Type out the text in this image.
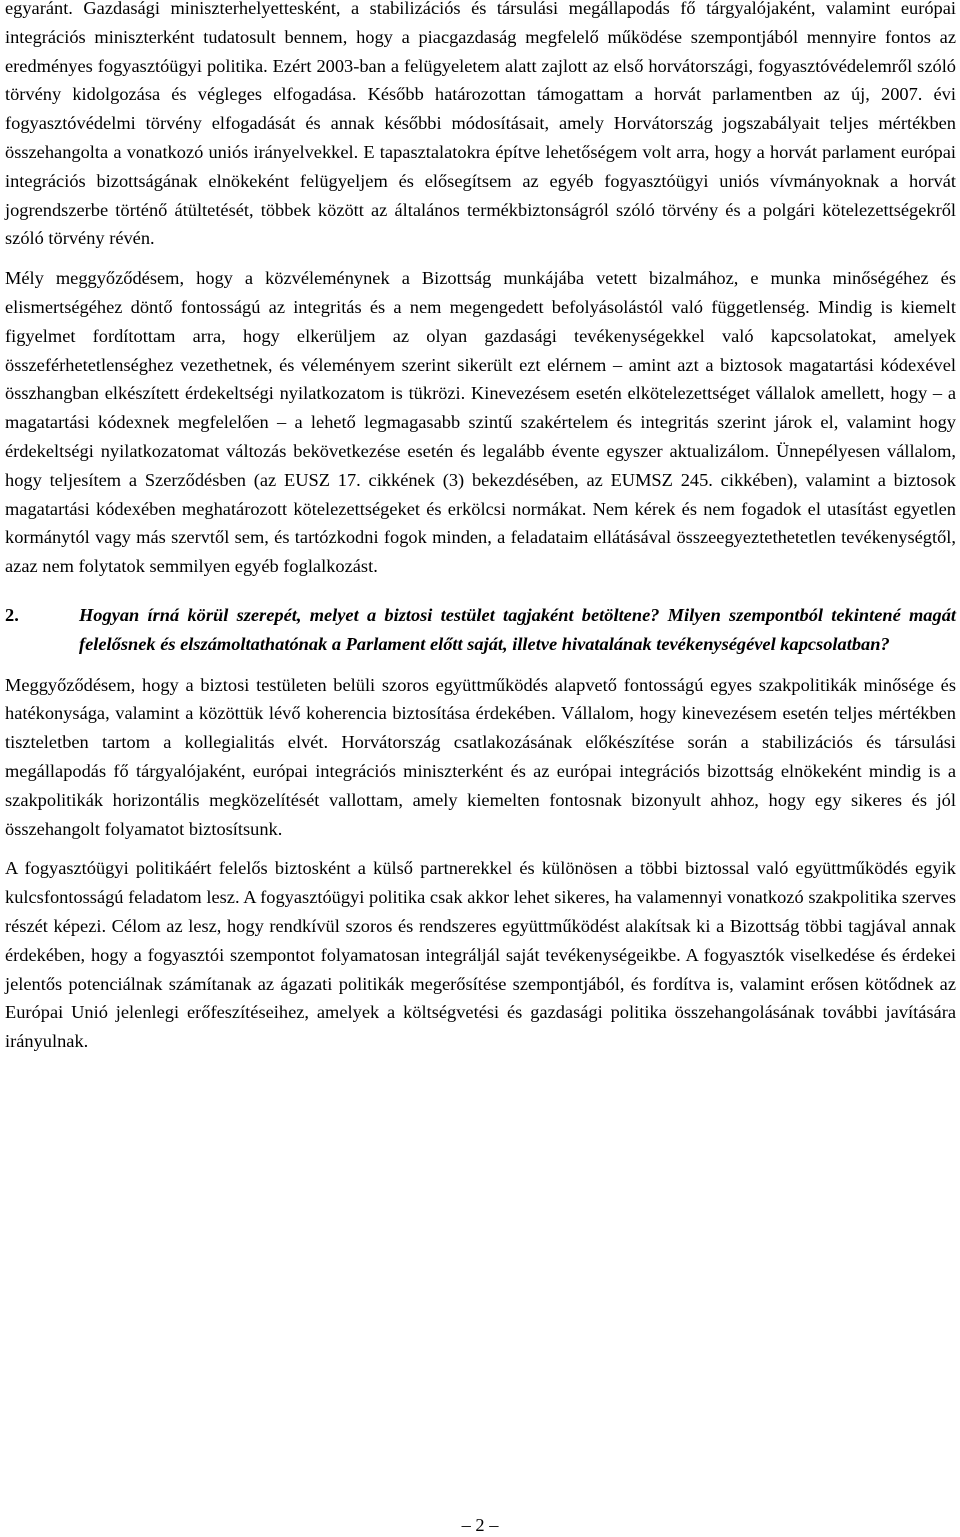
egyaránt. Gazdasági miniszterhelyettesként, a stabilizációs és társulási megállapodás fő tárgyalójaként, valamint európai integrációs miniszterként tudatosult bennem, hogy a piacgazdaság megfelelő működése szempontjából mennyire fontos az eredményes fogyasztóügyi politika. Ezért 2003-ban a felügyeletem alatt zajlott az első horvátországi, fogyasztóvédelemről szóló törvény kidolgozása és végleges elfogadása. Később határozottan támogattam a horvát parlamentben az új, 2007. évi fogyasztóvédelmi törvény elfogadását és annak későbbi módosításait, amely Horvátország jogszabályait teljes mértékben összehangolta a vonatkozó uniós irányelvekkel. E tapasztalatokra építve lehetőségem volt arra, hogy a horvát parlament európai integrációs bizottságának elnökeként felügyeljem és elősegítsem az egyéb fogyasztóügyi uniós vívmányoknak a horvát jogrendszerbe történő átültetését, többek között az általános termékbiztonságról szóló törvény és a polgári kötelezettségekről szóló törvény révén.

Mély meggyőződésem, hogy a közvéleménynek a Bizottság munkájába vetett bizalmához, e munka minőségéhez és elismertségéhez döntő fontosságú az integritás és a nem megengedett befolyásolástól való függetlenség. Mindig is kiemelt figyelmet fordítottam arra, hogy elkerüljem az olyan gazdasági tevékenységekkel való kapcsolatokat, amelyek összeférhetetlenséghez vezethetnek, és véleményem szerint sikerült ezt elérnem – amint azt a biztosok magatartási kódexével összhangban elkészített érdekeltségi nyilatkozatom is tükrözi. Kinevezésem esetén elkötelezettséget vállalok amellett, hogy – a magatartási kódexnek megfelelően – a lehető legmagasabb szintű szakértelem és integritás szerint járok el, valamint hogy érdekeltségi nyilatkozatomat változás bekövetkezése esetén és legalább évente egyszer aktualizálom. Ünnepélyesen vállalom, hogy teljesítem a Szerződésben (az EUSZ 17. cikkének (3) bekezdésében, az EUMSZ 245. cikkében), valamint a biztosok magatartási kódexében meghatározott kötelezettségeket és erkölcsi normákat. Nem kérek és nem fogadok el utasítást egyetlen kormánytól vagy más szervtől sem, és tartózkodni fogok minden, a feladataim ellátásával összeegyeztethetetlen tevékenységtől, azaz nem folytatok semmilyen egyéb foglalkozást.

2.	Hogyan írná körül szerepét, melyet a biztosi testület tagjaként betöltene? Milyen szempontból tekintené magát felelősnek és elszámoltathatónak a Parlament előtt saját, illetve hivatalának tevékenységével kapcsolatban?

Meggyőződésem, hogy a biztosi testületen belüli szoros együttműködés alapvető fontosságú egyes szakpolitikák minősége és hatékonysága, valamint a közöttük lévő koherencia biztosítása érdekében. Vállalom, hogy kinevezésem esetén teljes mértékben tiszteletben tartom a kollegialitás elvét. Horvátország csatlakozásának előkészítése során a stabilizációs és társulási megállapodás fő tárgyalójaként, európai integrációs miniszterként és az európai integrációs bizottság elnökeként mindig is a szakpolitikák horizontális megközelítését vallottam, amely kiemelten fontosnak bizonyult ahhoz, hogy egy sikeres és jól összehangolt folyamatot biztosítsunk.

A fogyasztóügyi politikáért felelős biztosként a külső partnerekkel és különösen a többi biztossal való együttműködés egyik kulcsfontosságú feladatom lesz. A fogyasztóügyi politika csak akkor lehet sikeres, ha valamennyi vonatkozó szakpolitika szerves részét képezi. Célom az lesz, hogy rendkívül szoros és rendszeres együttműködést alakítsak ki a Bizottság többi tagjával annak érdekében, hogy a fogyasztói szempontot folyamatosan integráljál saját tevékenységeikbe. A fogyasztók viselkedése és érdekei jelentős potenciálnak számítanak az ágazati politikák megerősítése szempontjából, és fordítva is, valamint erősen kötődnek az Európai Unió jelenlegi erőfeszítéseihez, amelyek a költségvetési és gazdasági politika összehangolásának további javítására irányulnak.

– 2 –
